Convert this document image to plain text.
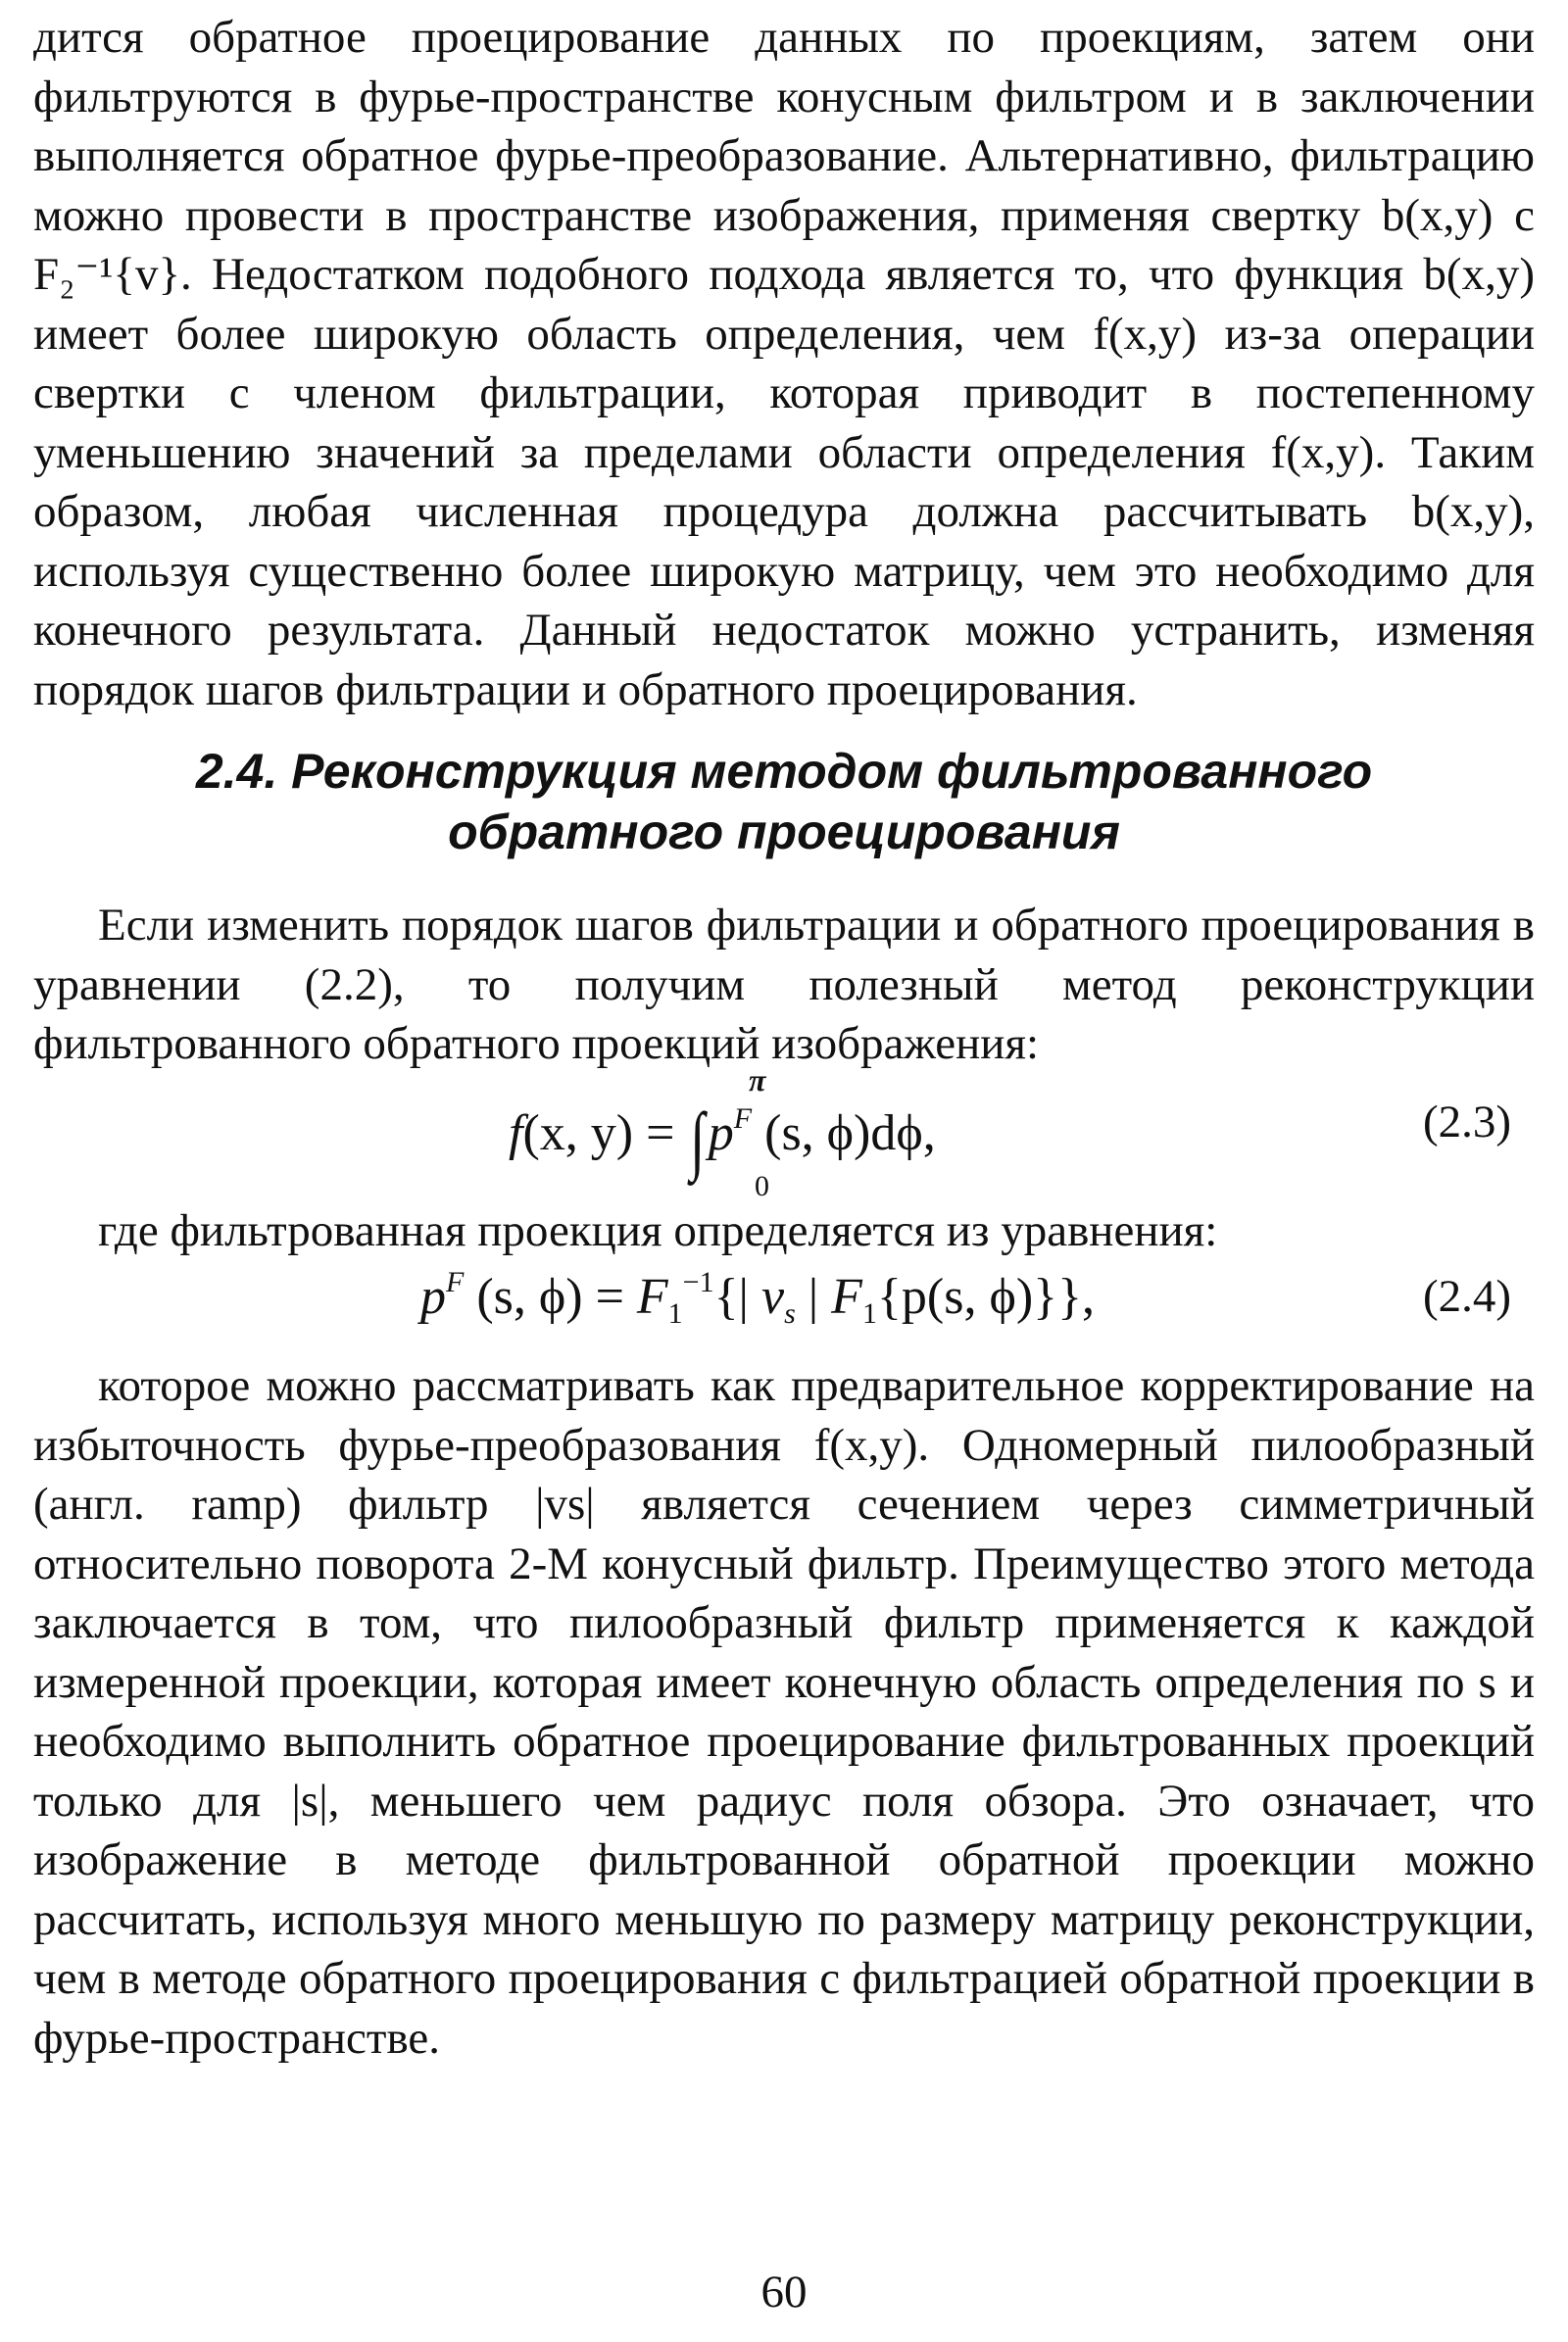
дится обратное проецирование данных по проекциям, затем они фильтруются в фурье-пространстве конусным фильтром и в заключении выполняется обратное фурье-преобразование. Альтернативно, фильтрацию можно провести в пространстве изображения, применяя свертку b(x,y) с F₂⁻¹{v}. Недостатком подобного подхода является то, что функция b(x,y) имеет более широкую область определения, чем f(x,y) из-за операции свертки с членом фильтрации, которая приводит в постепенному уменьшению значений за пределами области определения f(x,y). Таким образом, любая численная процедура должна рассчитывать b(x,y), используя существенно более широкую матрицу, чем это необходимо для конечного результата. Данный недостаток можно устранить, изменяя порядок шагов фильтрации и обратного проецирования.

2.4. Реконструкция методом фильтрованного
обратного проецирования

Если изменить порядок шагов фильтрации и обратного проецирования в уравнении (2.2), то получим полезный метод реконструкции фильтрованного обратного проекций изображения:

π
f(x, $y) = \int p^F$ (s, ϕ)dϕ,
0
(2.3)

где фильтрованная проекция определяется из уравнения:

$p^F$ (s, $\phi) = F_1^{-1}\{|$ $v_s$ | $F_1\{p(s$, ϕ)}},	(2.4)

которое можно рассматривать как предварительное корректирование на избыточность фурье-преобразования f(x,y). Одномерный пилообразный (англ. ramp) фильтр |vs| является сечением через симметричный относительно поворота 2-М конусный фильтр. Преимущество этого метода заключается в том, что пилообразный фильтр применяется к каждой измеренной проекции, которая имеет конечную область определения по s и необходимо выполнить обратное проецирование фильтрованных проекций только для |s|, меньшего чем радиус поля обзора. Это означает, что изображение в методе фильтрованной обратной проекции можно рассчитать, используя много меньшую по размеру матрицу реконструкции, чем в методе обратного проецирования с фильтрацией обратной проекции в фурье-пространстве.

60
